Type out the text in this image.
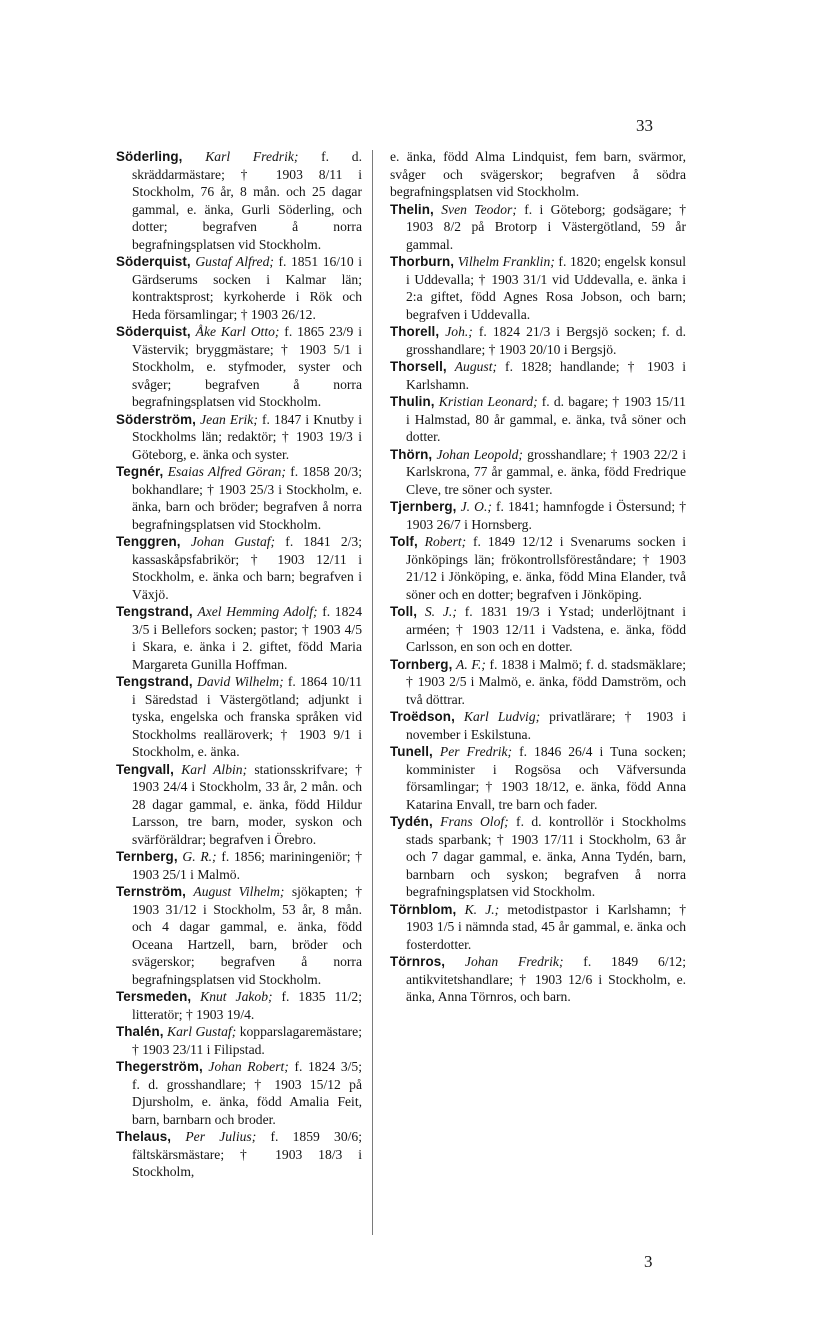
33

Söderling, Karl Fredrik; f. d. skräddarmästare; † 1903 8/11 i Stockholm, 76 år, 8 mån. och 25 dagar gammal, e. änka, Gurli Söderling, och dotter; begrafven å norra begrafningsplatsen vid Stockholm.

Söderquist, Gustaf Alfred; f. 1851 16/10 i Gärdserums socken i Kalmar län; kontraktsprost; kyrkoherde i Rök och Heda församlingar; † 1903 26/12.

Söderquist, Åke Karl Otto; f. 1865 23/9 i Västervik; bryggmästare; † 1903 5/1 i Stockholm, e. styfmoder, syster och svåger; begrafven å norra begrafningsplatsen vid Stockholm.

Söderström, Jean Erik; f. 1847 i Knutby i Stockholms län; redaktör; † 1903 19/3 i Göteborg, e. änka och syster.

Tegnér, Esaias Alfred Göran; f. 1858 20/3; bokhandlare; † 1903 25/3 i Stockholm, e. änka, barn och bröder; begrafven å norra begrafningsplatsen vid Stockholm.

Tenggren, Johan Gustaf; f. 1841 2/3; kassaskåpsfabrikör; † 1903 12/11 i Stockholm, e. änka och barn; begrafven i Växjö.

Tengstrand, Axel Hemming Adolf; f. 1824 3/5 i Bellefors socken; pastor; † 1903 4/5 i Skara, e. änka i 2. giftet, född Maria Margareta Gunilla Hoffman.

Tengstrand, David Wilhelm; f. 1864 10/11 i Säredstad i Västergötland; adjunkt i tyska, engelska och franska språken vid Stockholms realläroverk; † 1903 9/1 i Stockholm, e. änka.

Tengvall, Karl Albin; stationsskrifvare; † 1903 24/4 i Stockholm, 33 år, 2 mån. och 28 dagar gammal, e. änka, född Hildur Larsson, tre barn, moder, syskon och svärföräldrar; begrafven i Örebro.

Ternberg, G. R.; f. 1856; mariningeniör; † 1903 25/1 i Malmö.

Ternström, August Vilhelm; sjökapten; † 1903 31/12 i Stockholm, 53 år, 8 mån. och 4 dagar gammal, e. änka, född Oceana Hartzell, barn, bröder och svägerskor; begrafven å norra begrafningsplatsen vid Stockholm.

Tersmeden, Knut Jakob; f. 1835 11/2; litteratör; † 1903 19/4.

Thalén, Karl Gustaf; kopparslagaremästare; † 1903 23/11 i Filipstad.

Thegerström, Johan Robert; f. 1824 3/5; f. d. grosshandlare; † 1903 15/12 på Djursholm, e. änka, född Amalia Feit, barn, barnbarn och broder.

Thelaus, Per Julius; f. 1859 30/6; fältskärsmästare; † 1903 18/3 i Stockholm,

e. änka, född Alma Lindquist, fem barn, svärmor, svåger och svägerskor; begrafven å södra begrafningsplatsen vid Stockholm.

Thelin, Sven Teodor; f. i Göteborg; godsägare; † 1903 8/2 på Brotorp i Västergötland, 59 år gammal.

Thorburn, Vilhelm Franklin; f. 1820; engelsk konsul i Uddevalla; † 1903 31/1 vid Uddevalla, e. änka i 2:a giftet, född Agnes Rosa Jobson, och barn; begrafven i Uddevalla.

Thorell, Joh.; f. 1824 21/3 i Bergsjö socken; f. d. grosshandlare; † 1903 20/10 i Bergsjö.

Thorsell, August; f. 1828; handlande; † 1903 i Karlshamn.

Thulin, Kristian Leonard; f. d. bagare; † 1903 15/11 i Halmstad, 80 år gammal, e. änka, två söner och dotter.

Thörn, Johan Leopold; grosshandlare; † 1903 22/2 i Karlskrona, 77 år gammal, e. änka, född Fredrique Cleve, tre söner och syster.

Tjernberg, J. O.; f. 1841; hamnfogde i Östersund; † 1903 26/7 i Hornsberg.

Tolf, Robert; f. 1849 12/12 i Svenarums socken i Jönköpings län; frökontrollsföreståndare; † 1903 21/12 i Jönköping, e. änka, född Mina Elander, två söner och en dotter; begrafven i Jönköping.

Toll, S. J.; f. 1831 19/3 i Ystad; underlöjtnant i arméen; † 1903 12/11 i Vadstena, e. änka, född Carlsson, en son och en dotter.

Tornberg, A. F.; f. 1838 i Malmö; f. d. stadsmäklare; † 1903 2/5 i Malmö, e. änka, född Damström, och två döttrar.

Troëdson, Karl Ludvig; privatlärare; † 1903 i november i Eskilstuna.

Tunell, Per Fredrik; f. 1846 26/4 i Tuna socken; komminister i Rogsösa och Väfversunda församlingar; † 1903 18/12, e. änka, född Anna Katarina Envall, tre barn och fader.

Tydén, Frans Olof; f. d. kontrollör i Stockholms stads sparbank; † 1903 17/11 i Stockholm, 63 år och 7 dagar gammal, e. änka, Anna Tydén, barn, barnbarn och syskon; begrafven å norra begrafningsplatsen vid Stockholm.

Törnblom, K. J.; metodistpastor i Karlshamn; † 1903 1/5 i nämnda stad, 45 år gammal, e. änka och fosterdotter.

Törnros, Johan Fredrik; f. 1849 6/12; antikvitetshandlare; † 1903 12/6 i Stockholm, e. änka, Anna Törnros, och barn.

3
